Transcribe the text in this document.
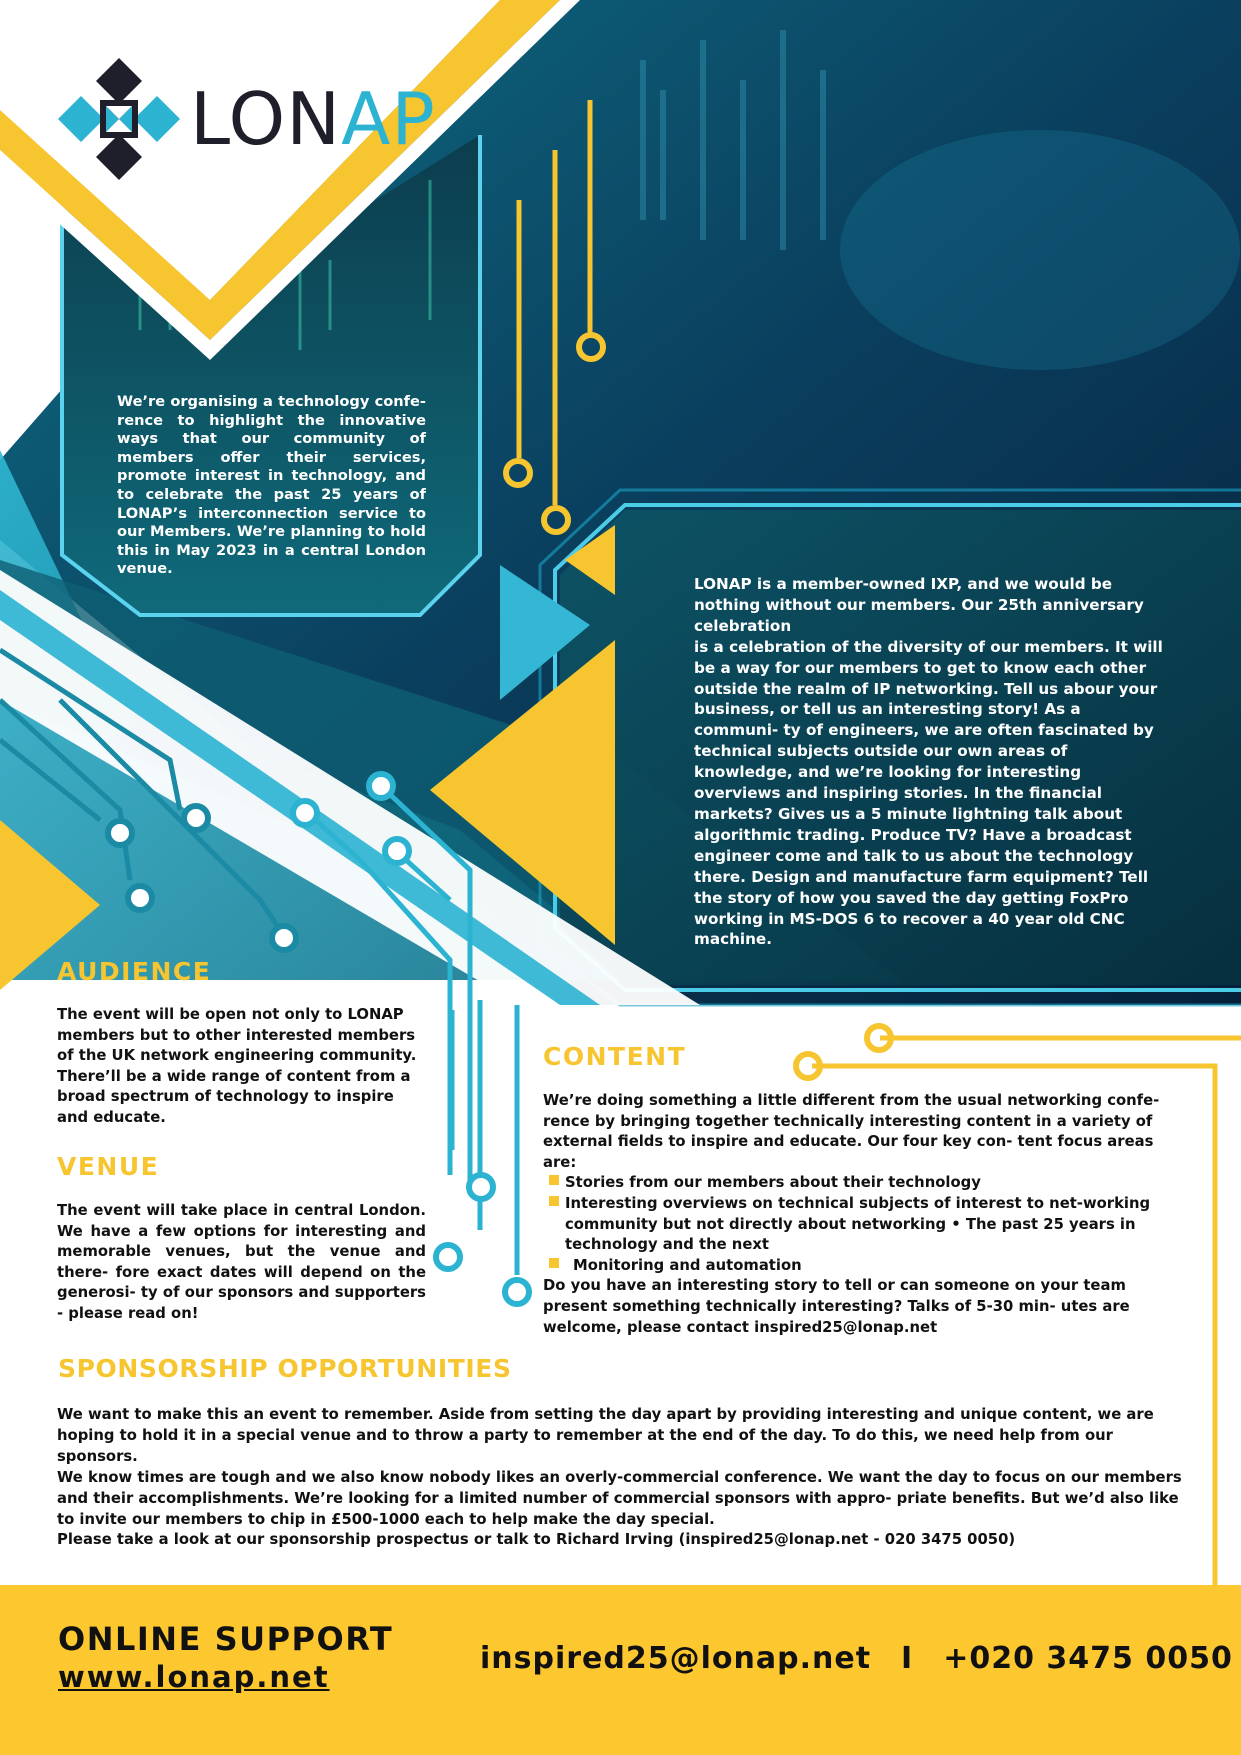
LONAP
We’re organising a technology confe- rence to highlight the innovative ways that our community of members offer their services, promote interest in technology, and to celebrate the past 25 years of LONAP’s interconnection service to our Members. We’re planning to hold this in May 2023 in a central London venue.

LONAP is a member-owned IXP, and we would be nothing without our members. Our 25th anniversary celebration

is a celebration of the diversity of our members. It will be a way for our members to get to know each other outside the realm of IP networking. Tell us abour your business, or tell us an interesting story! As a communi- ty of engineers, we are often fascinated by technical subjects outside our own areas of knowledge, and we’re looking for interesting overviews and inspiring stories. In the financial markets? Gives us a 5 minute lightning talk about algorithmic trading. Produce TV? Have a broadcast engineer come and talk to us about the technology there. Design and manufacture farm equipment? Tell the story of how you saved the day getting FoxPro working in MS-DOS 6 to recover a 40 year old CNC machine.

AUDIENCE
The event will be open not only to LONAP members but to other interested members of the UK network engineering community. There’ll be a wide range of content from a broad spectrum of technology to inspire and educate.
VENUE
The event will take place in central London. We have a few options for interesting and memorable venues, but the venue and there- fore exact dates will depend on the generosi- ty of our sponsors and supporters - please read on!
CONTENT

We’re doing something a little different from the usual networking confe- rence by bringing together technically interesting content in a variety of external fields to inspire and educate. Our four key con- tent focus areas are:

Stories from our members about their technology
Interesting overviews on technical subjects of interest to net-working community but not directly about networking • The past 25 years in technology and the next
Monitoring and automation

Do you have an interesting story to tell or can someone on your team present something technically interesting? Talks of 5-30 min- utes are welcome, please contact inspired25@lonap.net

SPONSORSHIP OPPORTUNITIES

We want to make this an event to remember. Aside from setting the day apart by providing interesting and unique content, we are hoping to hold it in a special venue and to throw a party to remember at the end of the day. To do this, we need help from our sponsors.

We know times are tough and we also know nobody likes an overly-commercial conference. We want the day to focus on our members and their accomplishments. We’re looking for a limited number of commercial sponsors with appro- priate benefits. But we’d also like to invite our members to chip in £500-1000 each to help make the day special.

Please take a look at our sponsorship prospectus or talk to Richard Irving (inspired25@lonap.net - 020 3475 0050)

ONLINE SUPPORT
www.lonap.net
inspired25@lonap.net I +020 3475 0050
